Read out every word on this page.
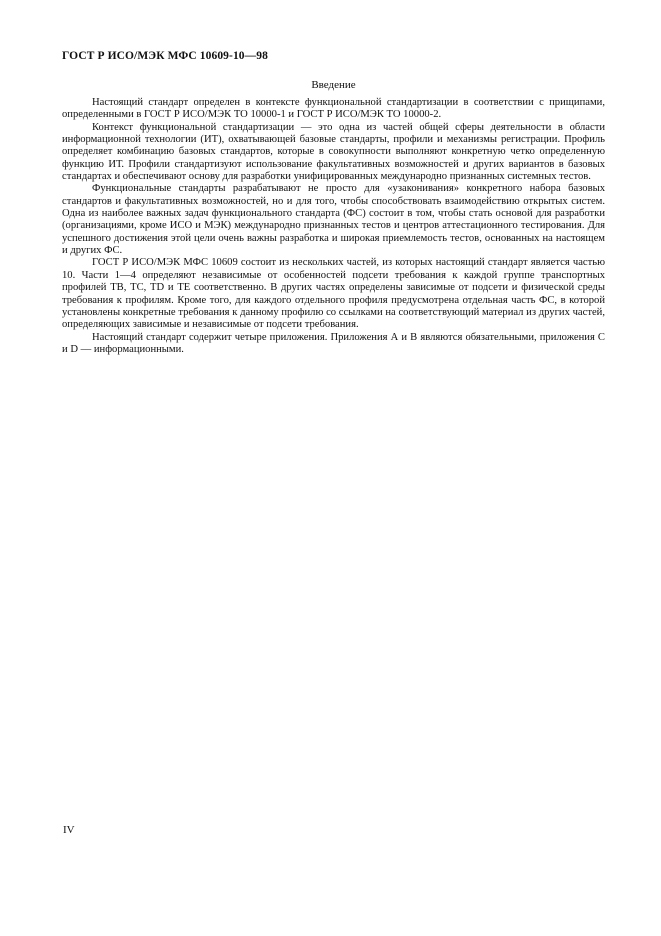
ГОСТ Р ИСО/МЭК МФС 10609-10—98
Введение

Настоящий стандарт определен в контексте функциональной стандартизации в соответствии с прищипами, определенными в ГОСТ Р ИСО/МЭК ТО 10000-1 и ГОСТ Р ИСО/МЭК ТО 10000-2.

Контекст функциональной стандартизации — это одна из частей общей сферы деятельности в области информационной технологии (ИТ), охватывающей базовые стандарты, профили и механизмы регистрации. Профиль определяет комбинацию базовых стандартов, которые в совокупности выполняют конкретную четко определенную функцию ИТ. Профили стандартизуют использование факультативных возможностей и других вариантов в базовых стандартах и обеспечивают основу для разработки унифицированных международно признанных системных тестов.

Функциональные стандарты разрабатывают не просто для «узаконивания» конкретного набора базовых стандартов и факультативных возможностей, но и для того, чтобы способствовать взаимодействию открытых систем. Одна из наиболее важных задач функционального стандарта (ФС) состоит в том, чтобы стать основой для разработки (организациями, кроме ИСО и МЭК) международно признанных тестов и центров аттестационного тестирования. Для успешного достижения этой цели очень важны разработка и широкая приемлемость тестов, основанных на настоящем и других ФС.

ГОСТ Р ИСО/МЭК МФС 10609 состоит из нескольких частей, из которых настоящий стандарт является частью 10. Части 1—4 определяют независимые от особенностей подсети требования к каждой группе транспортных профилей ТВ, ТС, TD и ТЕ соответственно. В других частях определены зависимые от подсети и физической среды требования к профилям. Кроме того, для каждого отдельного профиля предусмотрена отдельная часть ФС, в которой установлены конкретные требования к данному профилю со ссылками на соответствующий материал из других частей, определяющих зависимые и независимые от подсети требования.

Настоящий стандарт содержит четыре приложения. Приложения А и В являются обязательными, приложения С и D — информационными.

IV
